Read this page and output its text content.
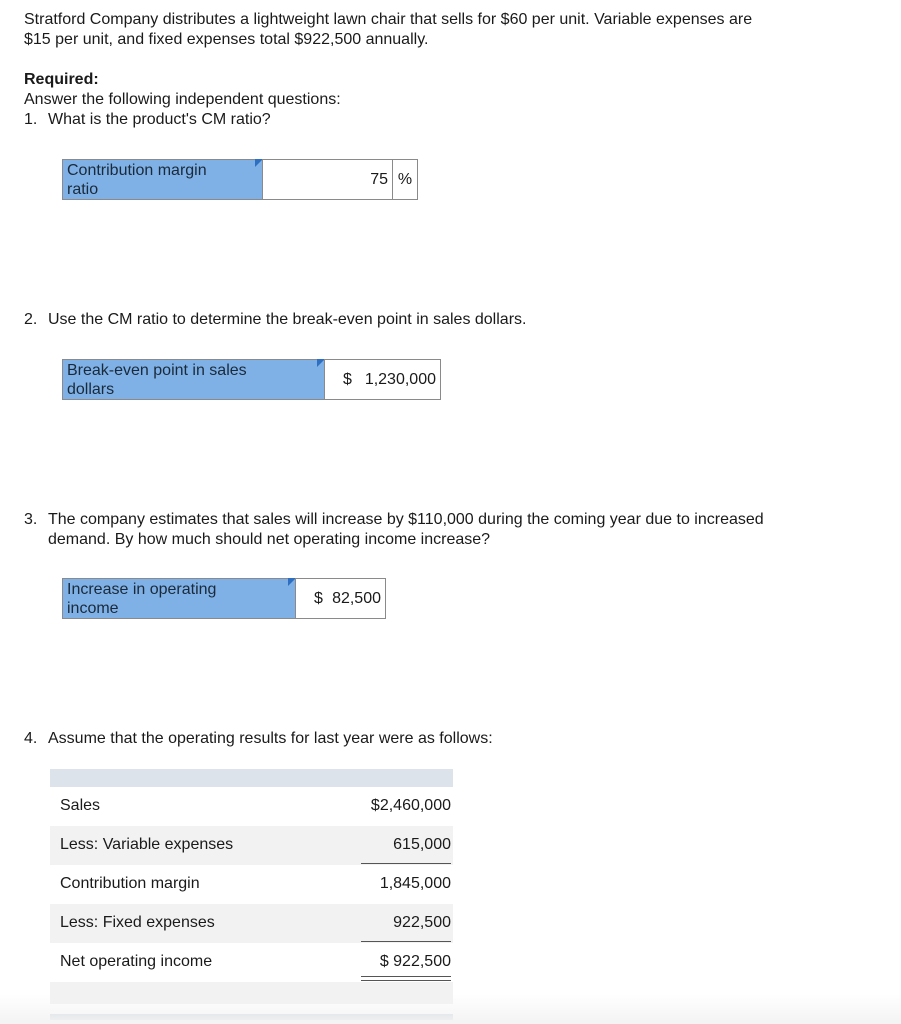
Stratford Company distributes a lightweight lawn chair that sells for $60 per unit. Variable expenses are
$15 per unit, and fixed expenses total $922,500 annually.
Required:
Answer the following independent questions:
1. What is the product's CM ratio?
Contribution margin
ratio
75 %
2. Use the CM ratio to determine the break-even point in sales dollars.
Break-even point in sales
dollars
$ 1,230,000
3. The company estimates that sales will increase by $110,000 during the coming year due to increased
demand. By how much should net operating income increase?
Increase in operating
income
$ 82,500
4. Assume that the operating results for last year were as follows:
Sales	$2,460,000
Less: Variable expenses	615,000
Contribution margin	1,845,000
Less: Fixed expenses	922,500
Net operating income	$ 922,500
